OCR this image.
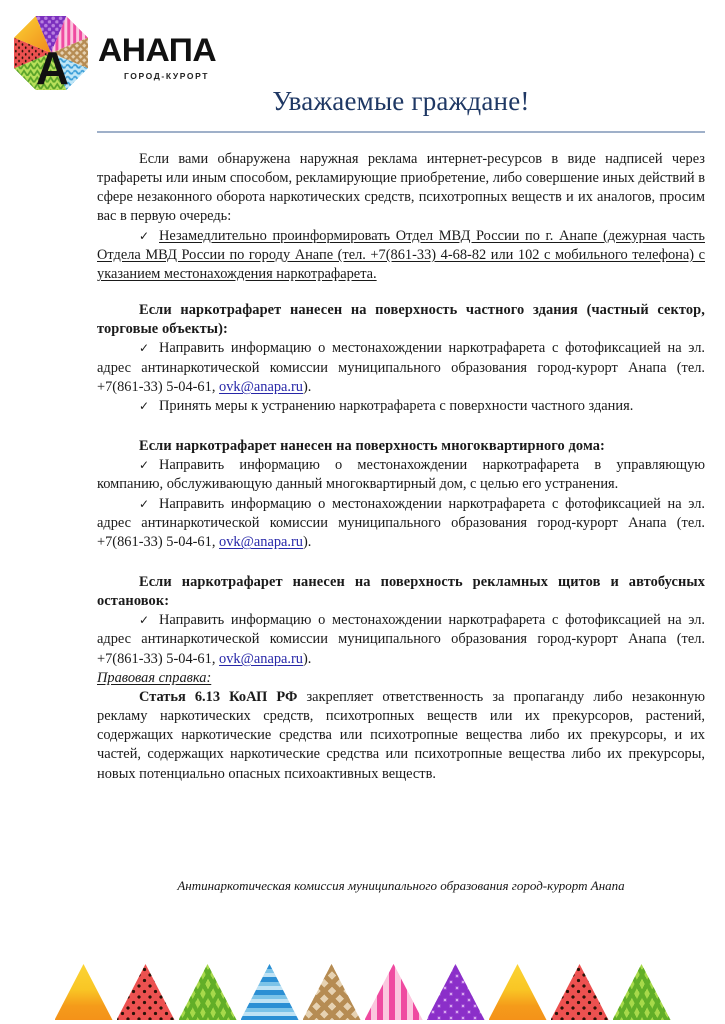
А АНАПА
ГОРОД-КУРОРТ
Уважаемые граждане!

Если вами обнаружена наружная реклама интернет-ресурсов в виде надписей через трафареты или иным способом, рекламирующие приобретение, либо совершение иных действий в сфере незаконного оборота наркотических средств, психотропных веществ и их аналогов, просим вас в первую очередь:

✓ Незамедлительно проинформировать Отдел МВД России по г. Анапе (дежурная часть Отдела МВД России по городу Анапе (тел. +7(861-33) 4-68-82 или 102 с мобильного телефона) с указанием местонахождения наркотрафарета.

Если наркотрафарет нанесен на поверхность частного здания (частный сектор, торговые объекты):

✓ Направить информацию о местонахождении наркотрафарета с фотофиксацией на эл. адрес антинаркотической комиссии муниципального образования город-курорт Анапа (тел. +7(861-33) 5-04-61, ovk@anapa.ru).

✓ Принять меры к устранению наркотрафарета с поверхности частного здания.

Если наркотрафарет нанесен на поверхность многоквартирного дома:

✓ Направить информацию о местонахождении наркотрафарета в управляющую компанию, обслуживающую данный многоквартирный дом, с целью его устранения.

✓ Направить информацию о местонахождении наркотрафарета с фотофиксацией на эл. адрес антинаркотической комиссии муниципального образования город-курорт Анапа (тел. +7(861-33) 5-04-61, ovk@anapa.ru).

Если наркотрафарет нанесен на поверхность рекламных щитов и автобусных остановок:

✓ Направить информацию о местонахождении наркотрафарета с фотофиксацией на эл. адрес антинаркотической комиссии муниципального образования город-курорт Анапа (тел. +7(861-33) 5-04-61, ovk@anapa.ru).

Правовая справка:

Статья 6.13 КоАП РФ закрепляет ответственность за пропаганду либо незаконную рекламу наркотических средств, психотропных веществ или их прекурсоров, растений, содержащих наркотические средства или психотропные вещества либо их прекурсоры, и их частей, содержащих наркотические средства или психотропные вещества либо их прекурсоры, новых потенциально опасных психоактивных веществ.

Антинаркотическая комиссия муниципального образования город-курорт Анапа
